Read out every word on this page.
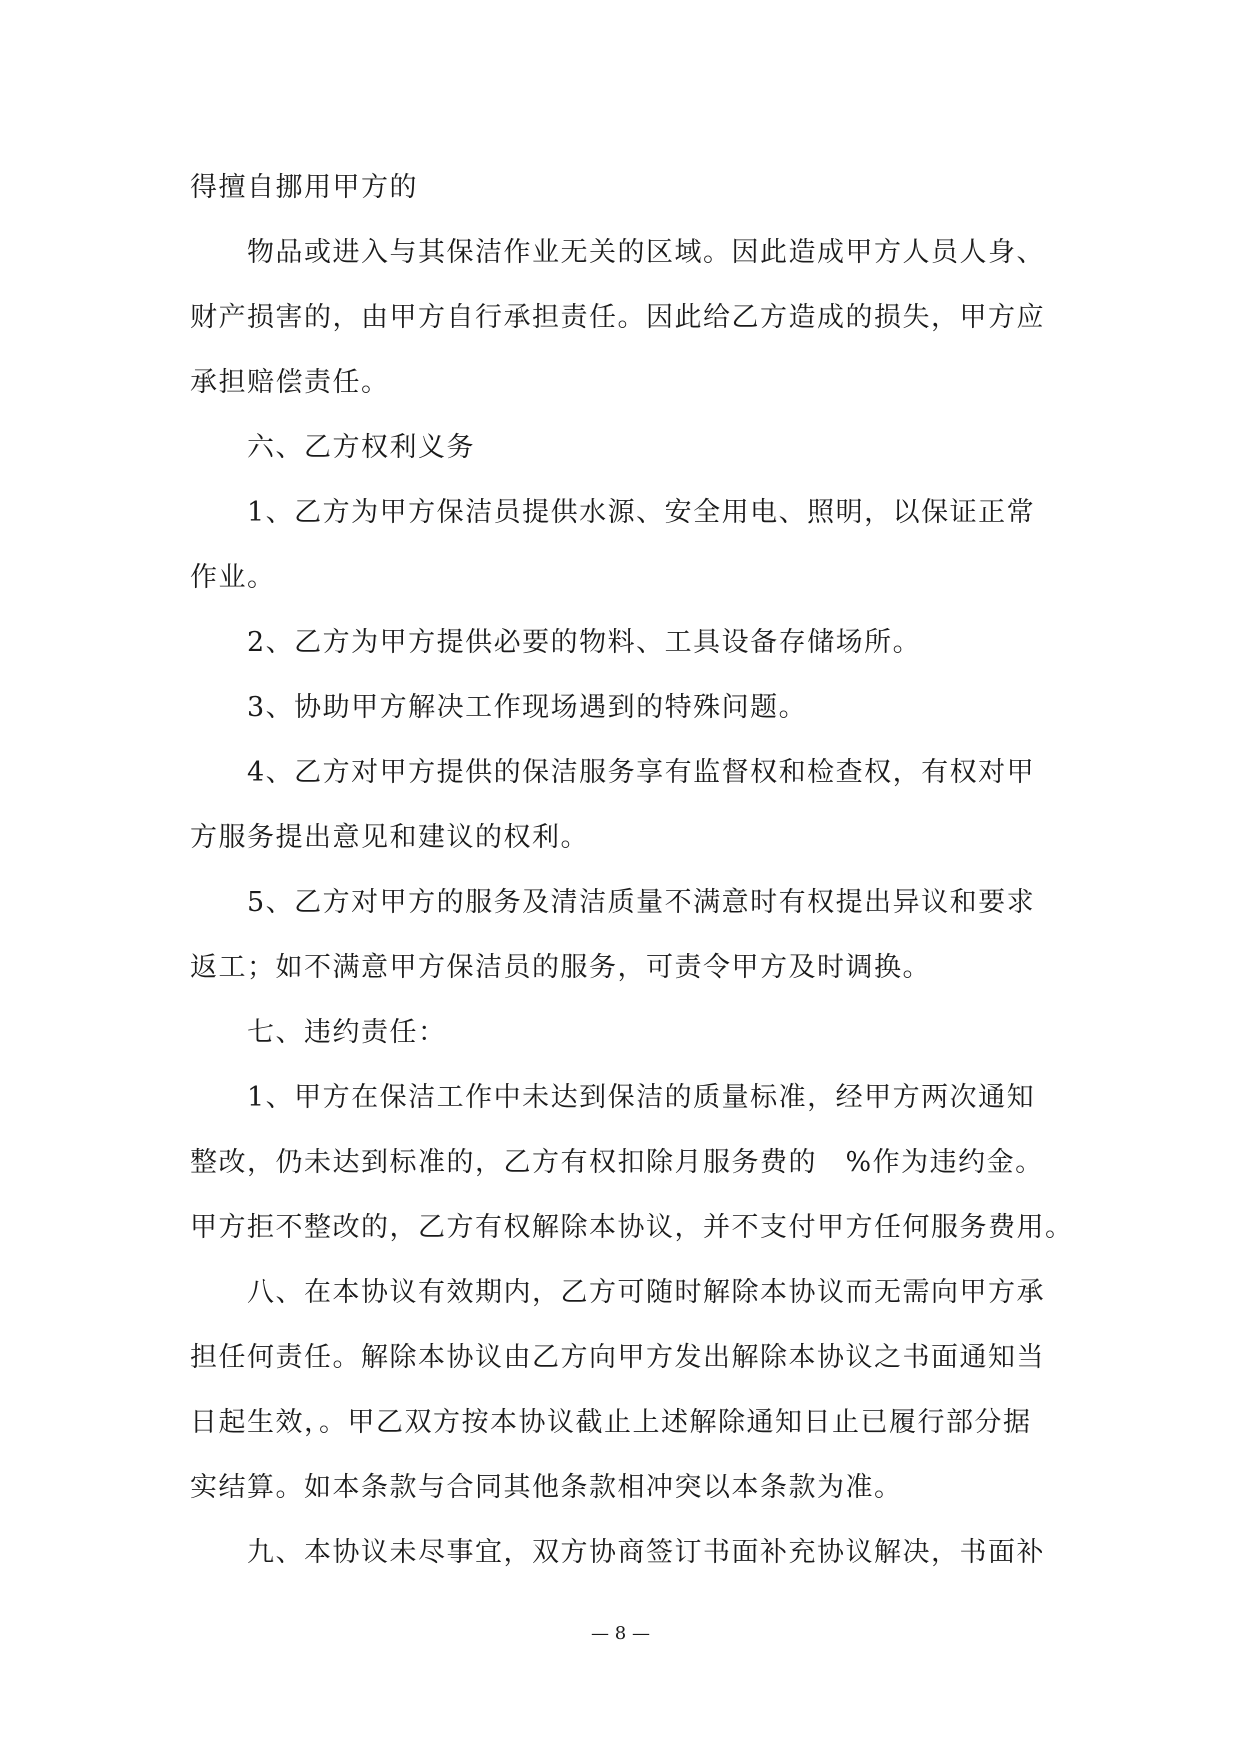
得擅自挪用甲方的
物品或进入与其保洁作业无关的区域。因此造成甲方人员人身、
财产损害的，由甲方自行承担责任。因此给乙方造成的损失，甲方应
承担赔偿责任。
六、乙方权利义务
1、乙方为甲方保洁员提供水源、安全用电、照明，以保证正常
作业。
2、乙方为甲方提供必要的物料、工具设备存储场所。
3、协助甲方解决工作现场遇到的特殊问题。
4、乙方对甲方提供的保洁服务享有监督权和检查权，有权对甲
方服务提出意见和建议的权利。
5、乙方对甲方的服务及清洁质量不满意时有权提出异议和要求
返工；如不满意甲方保洁员的服务，可责令甲方及时调换。
七、违约责任：
1、甲方在保洁工作中未达到保洁的质量标准，经甲方两次通知
整改，仍未达到标准的，乙方有权扣除月服务费的　%作为违约金。
甲方拒不整改的，乙方有权解除本协议，并不支付甲方任何服务费用。
八、在本协议有效期内，乙方可随时解除本协议而无需向甲方承
担任何责任。解除本协议由乙方向甲方发出解除本协议之书面通知当
日起生效，。甲乙双方按本协议截止上述解除通知日止已履行部分据
实结算。如本条款与合同其他条款相冲突以本条款为准。
九、本协议未尽事宜，双方协商签订书面补充协议解决，书面补
— 8 —
